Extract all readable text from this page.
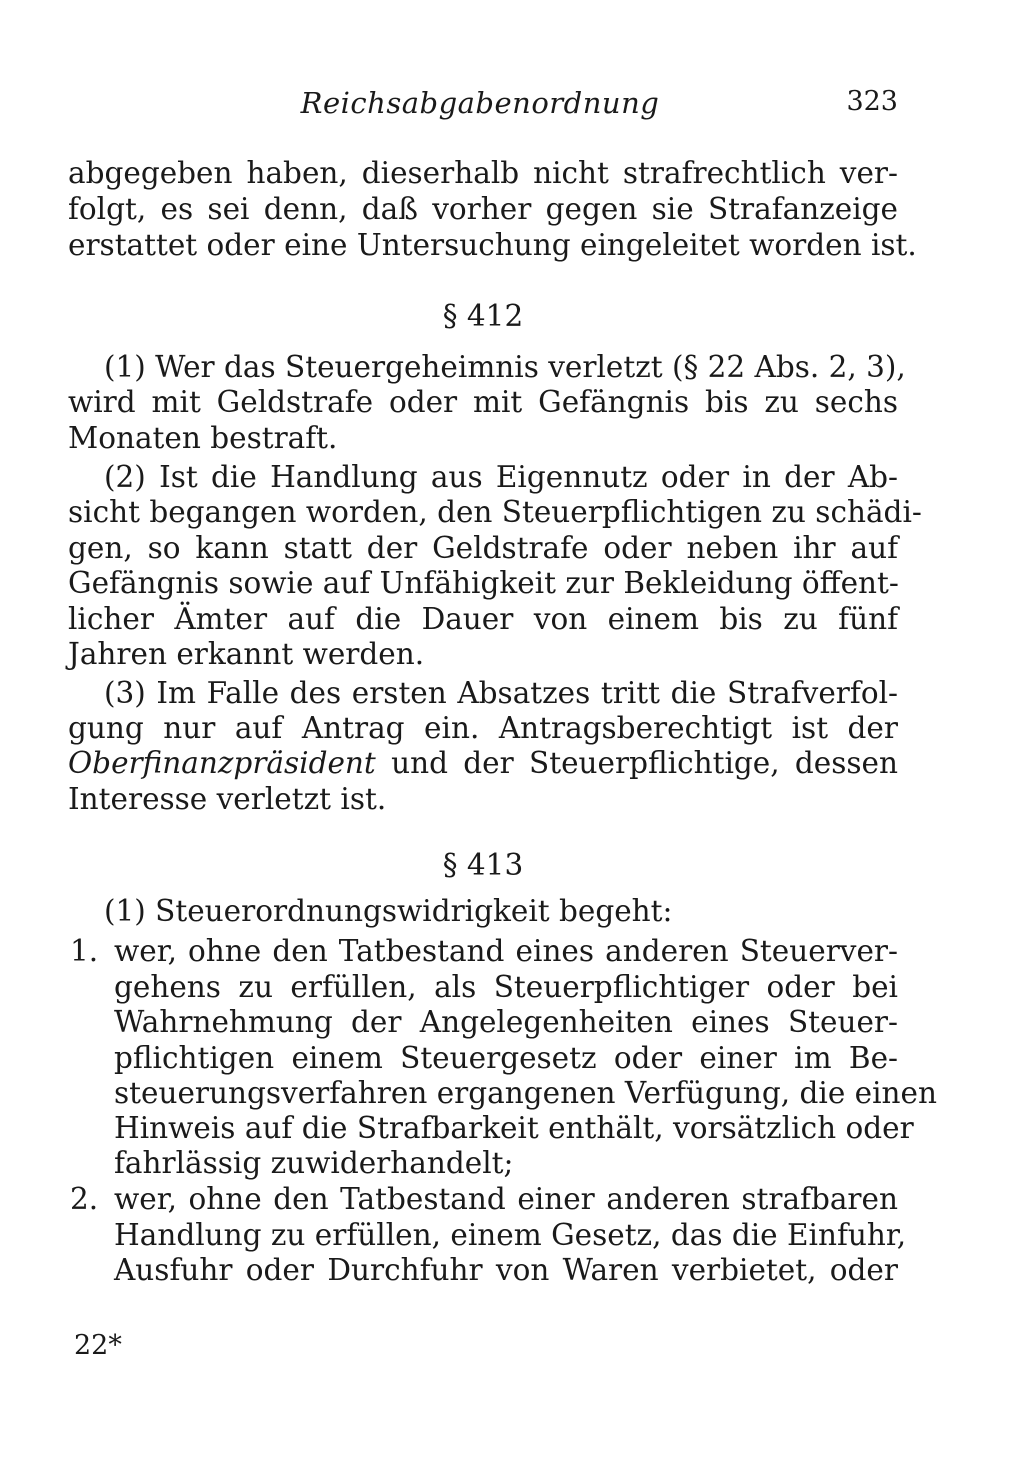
Reichsabgabenordnung	323
abgegeben haben, dieserhalb nicht strafrechtlich ver-
folgt, es sei denn, daß vorher gegen sie Strafanzeige
erstattet oder eine Untersuchung eingeleitet worden ist.
§ 412
(1) Wer das Steuergeheimnis verletzt (§ 22 Abs. 2, 3),
wird mit Geldstrafe oder mit Gefängnis bis zu sechs
Monaten bestraft.
(2) Ist die Handlung aus Eigennutz oder in der Ab-
sicht begangen worden, den Steuerpflichtigen zu schädi-
gen, so kann statt der Geldstrafe oder neben ihr auf
Gefängnis sowie auf Unfähigkeit zur Bekleidung öffent-
licher Ämter auf die Dauer von einem bis zu fünf
Jahren erkannt werden.
(3) Im Falle des ersten Absatzes tritt die Strafverfol-
gung nur auf Antrag ein. Antragsberechtigt ist der
Oberfinanzpräsident und der Steuerpflichtige, dessen
Interesse verletzt ist.
§ 413
(1) Steuerordnungswidrigkeit begeht:
1. wer, ohne den Tatbestand eines anderen Steuerver-
gehens zu erfüllen, als Steuerpflichtiger oder bei
Wahrnehmung der Angelegenheiten eines Steuer-
pflichtigen einem Steuergesetz oder einer im Be-
steuerungsverfahren ergangenen Verfügung, die einen
Hinweis auf die Strafbarkeit enthält, vorsätzlich oder
fahrlässig zuwiderhandelt;
2. wer, ohne den Tatbestand einer anderen strafbaren
Handlung zu erfüllen, einem Gesetz, das die Einfuhr,
Ausfuhr oder Durchfuhr von Waren verbietet, oder
22*
